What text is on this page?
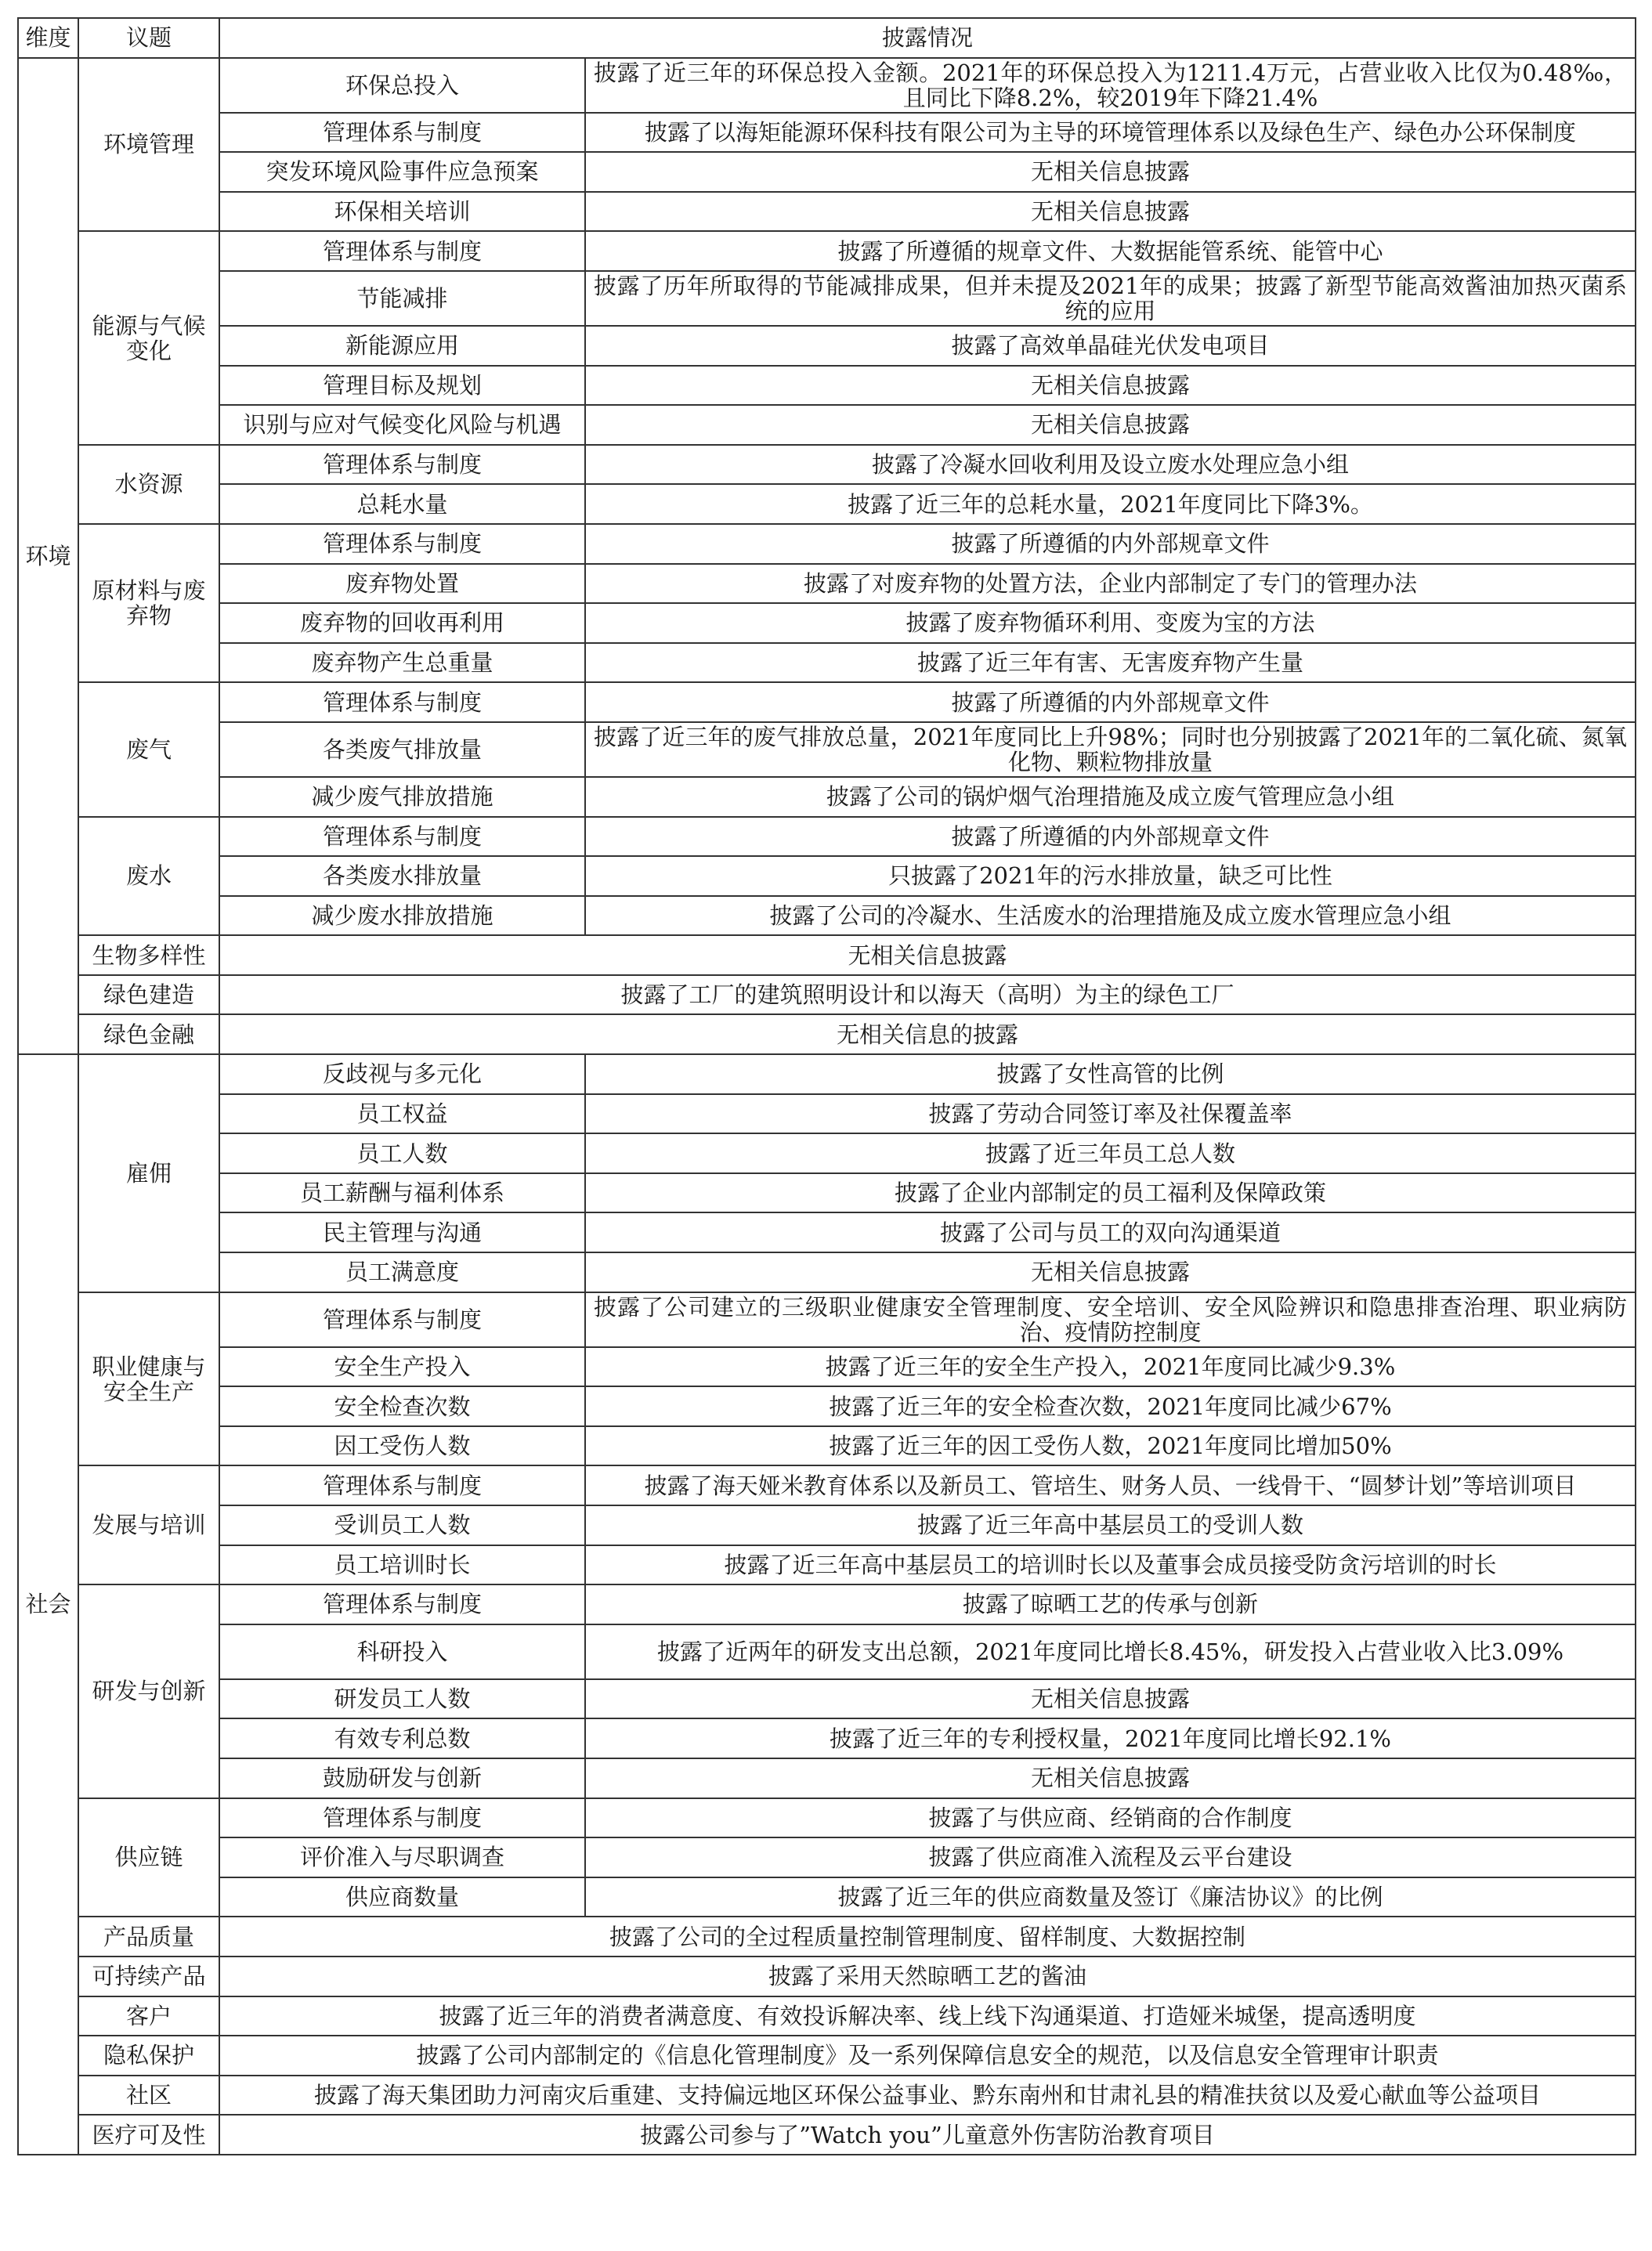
维度	议题	披露情况	
环境	环境管理	环保总投入	披露了近三年的环保总投入金额。2021年的环保总投入为1211.4万元，占营业收入比仅为0.48‰，且同比下降8.2%，较2019年下降21.4%
		管理体系与制度	披露了以海矩能源环保科技有限公司为主导的环境管理体系以及绿色生产、绿色办公环保制度
		突发环境风险事件应急预案	无相关信息披露
		环保相关培训	无相关信息披露
	能源与气候变化	管理体系与制度	披露了所遵循的规章文件、大数据能管系统、能管中心
		节能减排	披露了历年所取得的节能减排成果，但并未提及2021年的成果；披露了新型节能高效酱油加热灭菌系统的应用
		新能源应用	披露了高效单晶硅光伏发电项目
		管理目标及规划	无相关信息披露
		识别与应对气候变化风险与机遇	无相关信息披露
	水资源	管理体系与制度	披露了冷凝水回收利用及设立废水处理应急小组
		总耗水量	披露了近三年的总耗水量，2021年度同比下降3%。
	原材料与废弃物	管理体系与制度	披露了所遵循的内外部规章文件
		废弃物处置	披露了对废弃物的处置方法，企业内部制定了专门的管理办法
		废弃物的回收再利用	披露了废弃物循环利用、变废为宝的方法
		废弃物产生总重量	披露了近三年有害、无害废弃物产生量
	废气	管理体系与制度	披露了所遵循的内外部规章文件
		各类废气排放量	披露了近三年的废气排放总量，2021年度同比上升98%；同时也分别披露了2021年的二氧化硫、氮氧化物、颗粒物排放量
		减少废气排放措施	披露了公司的锅炉烟气治理措施及成立废气管理应急小组
	废水	管理体系与制度	披露了所遵循的内外部规章文件
		各类废水排放量	只披露了2021年的污水排放量，缺乏可比性
		减少废水排放措施	披露了公司的冷凝水、生活废水的治理措施及成立废水管理应急小组
	生物多样性	无相关信息披露	
	绿色建造	披露了工厂的建筑照明设计和以海天（高明）为主的绿色工厂	
	绿色金融	无相关信息的披露	
社会	雇佣	反歧视与多元化	披露了女性高管的比例
		员工权益	披露了劳动合同签订率及社保覆盖率
		员工人数	披露了近三年员工总人数
		员工薪酬与福利体系	披露了企业内部制定的员工福利及保障政策
		民主管理与沟通	披露了公司与员工的双向沟通渠道
		员工满意度	无相关信息披露
	职业健康与安全生产	管理体系与制度	披露了公司建立的三级职业健康安全管理制度、安全培训、安全风险辨识和隐患排查治理、职业病防治、疫情防控制度
		安全生产投入	披露了近三年的安全生产投入，2021年度同比减少9.3%
		安全检查次数	披露了近三年的安全检查次数，2021年度同比减少67%
		因工受伤人数	披露了近三年的因工受伤人数，2021年度同比增加50%
	发展与培训	管理体系与制度	披露了海天娅米教育体系以及新员工、管培生、财务人员、一线骨干、“圆梦计划”等培训项目
		受训员工人数	披露了近三年高中基层员工的受训人数
		员工培训时长	披露了近三年高中基层员工的培训时长以及董事会成员接受防贪污培训的时长
	研发与创新	管理体系与制度	披露了晾晒工艺的传承与创新
		科研投入	披露了近两年的研发支出总额，2021年度同比增长8.45%，研发投入占营业收入比3.09%
		研发员工人数	无相关信息披露
		有效专利总数	披露了近三年的专利授权量，2021年度同比增长92.1%
		鼓励研发与创新	无相关信息披露
	供应链	管理体系与制度	披露了与供应商、经销商的合作制度
		评价准入与尽职调查	披露了供应商准入流程及云平台建设
		供应商数量	披露了近三年的供应商数量及签订《廉洁协议》的比例
	产品质量	披露了公司的全过程质量控制管理制度、留样制度、大数据控制	
	可持续产品	披露了采用天然晾晒工艺的酱油	
	客户	披露了近三年的消费者满意度、有效投诉解决率、线上线下沟通渠道、打造娅米城堡，提高透明度	
	隐私保护	披露了公司内部制定的《信息化管理制度》及一系列保障信息安全的规范，以及信息安全管理审计职责	
	社区	披露了海天集团助力河南灾后重建、支持偏远地区环保公益事业、黔东南州和甘肃礼县的精准扶贫以及爱心献血等公益项目	
	医疗可及性	披露公司参与了”Watch you”儿童意外伤害防治教育项目	
